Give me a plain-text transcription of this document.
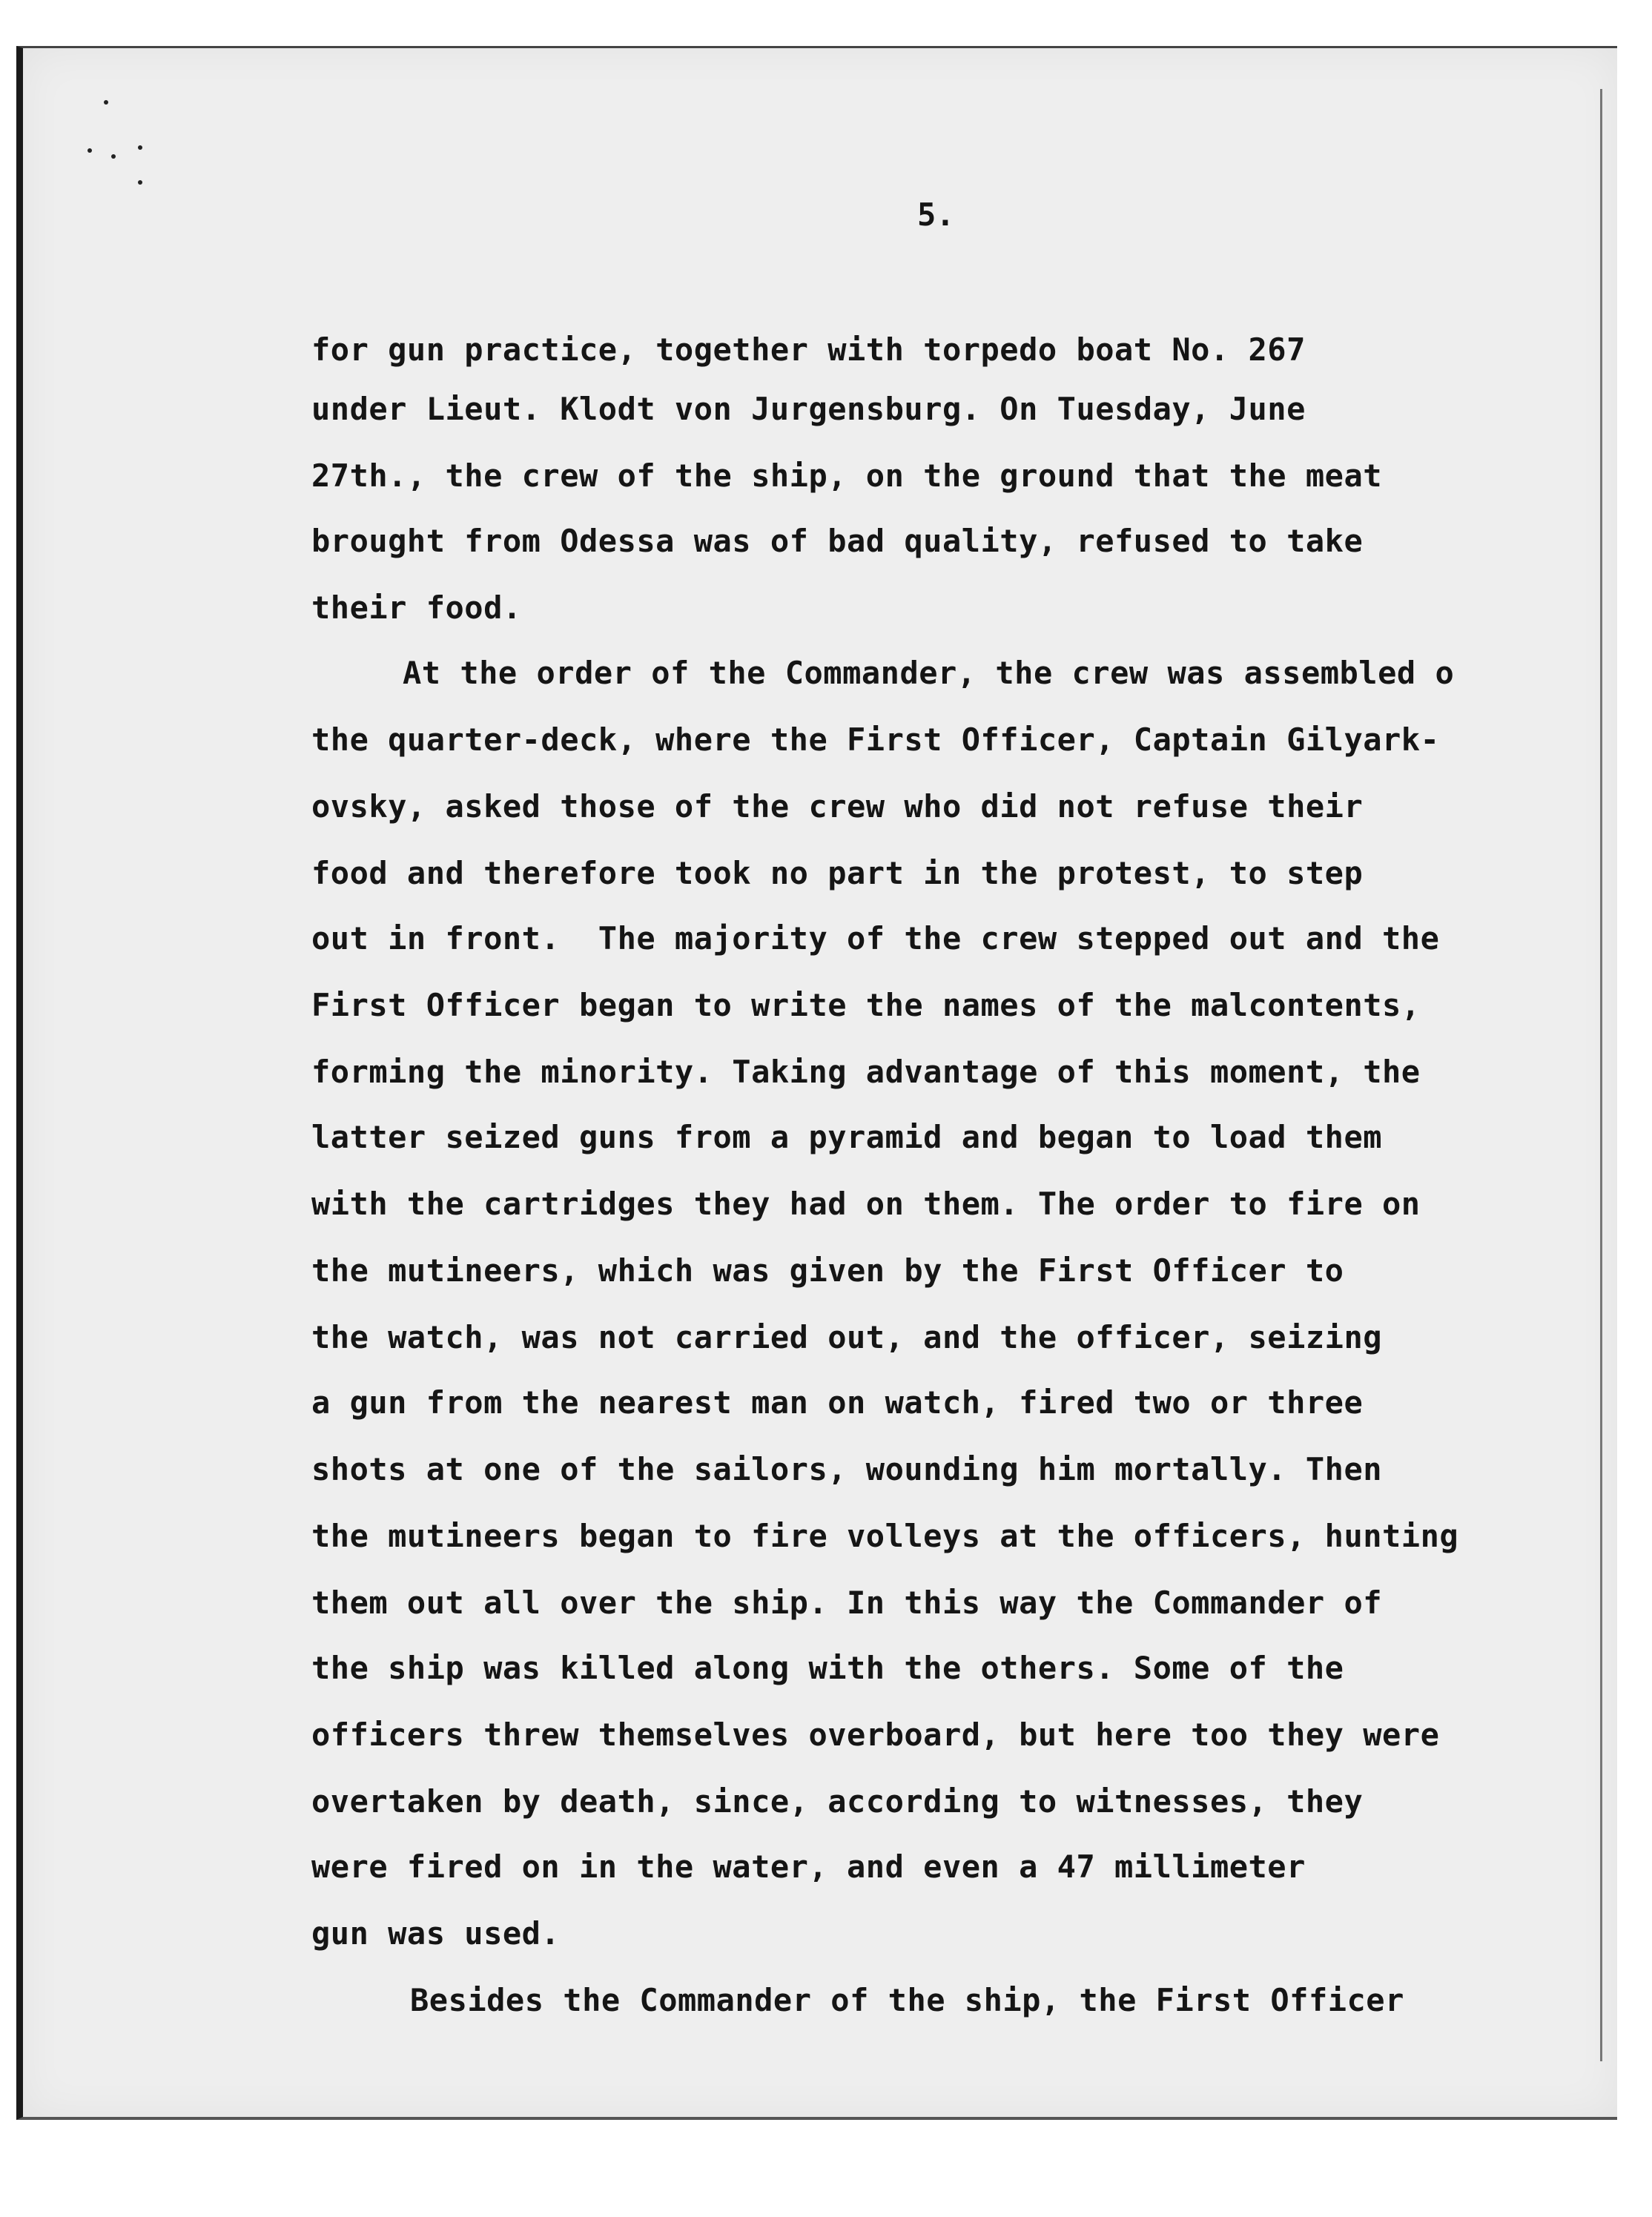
5.
for gun practice, together with torpedo boat No. 267
under Lieut. Klodt von Jurgensburg. On Tuesday, June
27th., the crew of the ship, on the ground that the meat
brought from Odessa was of bad quality, refused to take
their food.
At the order of the Commander, the crew was assembled o
the quarter-deck, where the First Officer, Captain Gilyark-
ovsky, asked those of the crew who did not refuse their
food and therefore took no part in the protest, to step
out in front.  The majority of the crew stepped out and the
First Officer began to write the names of the malcontents,
forming the minority. Taking advantage of this moment, the
latter seized guns from a pyramid and began to load them
with the cartridges they had on them. The order to fire on
the mutineers, which was given by the First Officer to
the watch, was not carried out, and the officer, seizing
a gun from the nearest man on watch, fired two or three
shots at one of the sailors, wounding him mortally. Then
the mutineers began to fire volleys at the officers, hunting
them out all over the ship. In this way the Commander of
the ship was killed along with the others. Some of the
officers threw themselves overboard, but here too they were
overtaken by death, since, according to witnesses, they
were fired on in the water, and even a 47 millimeter
gun was used.
Besides the Commander of the ship, the First Officer
